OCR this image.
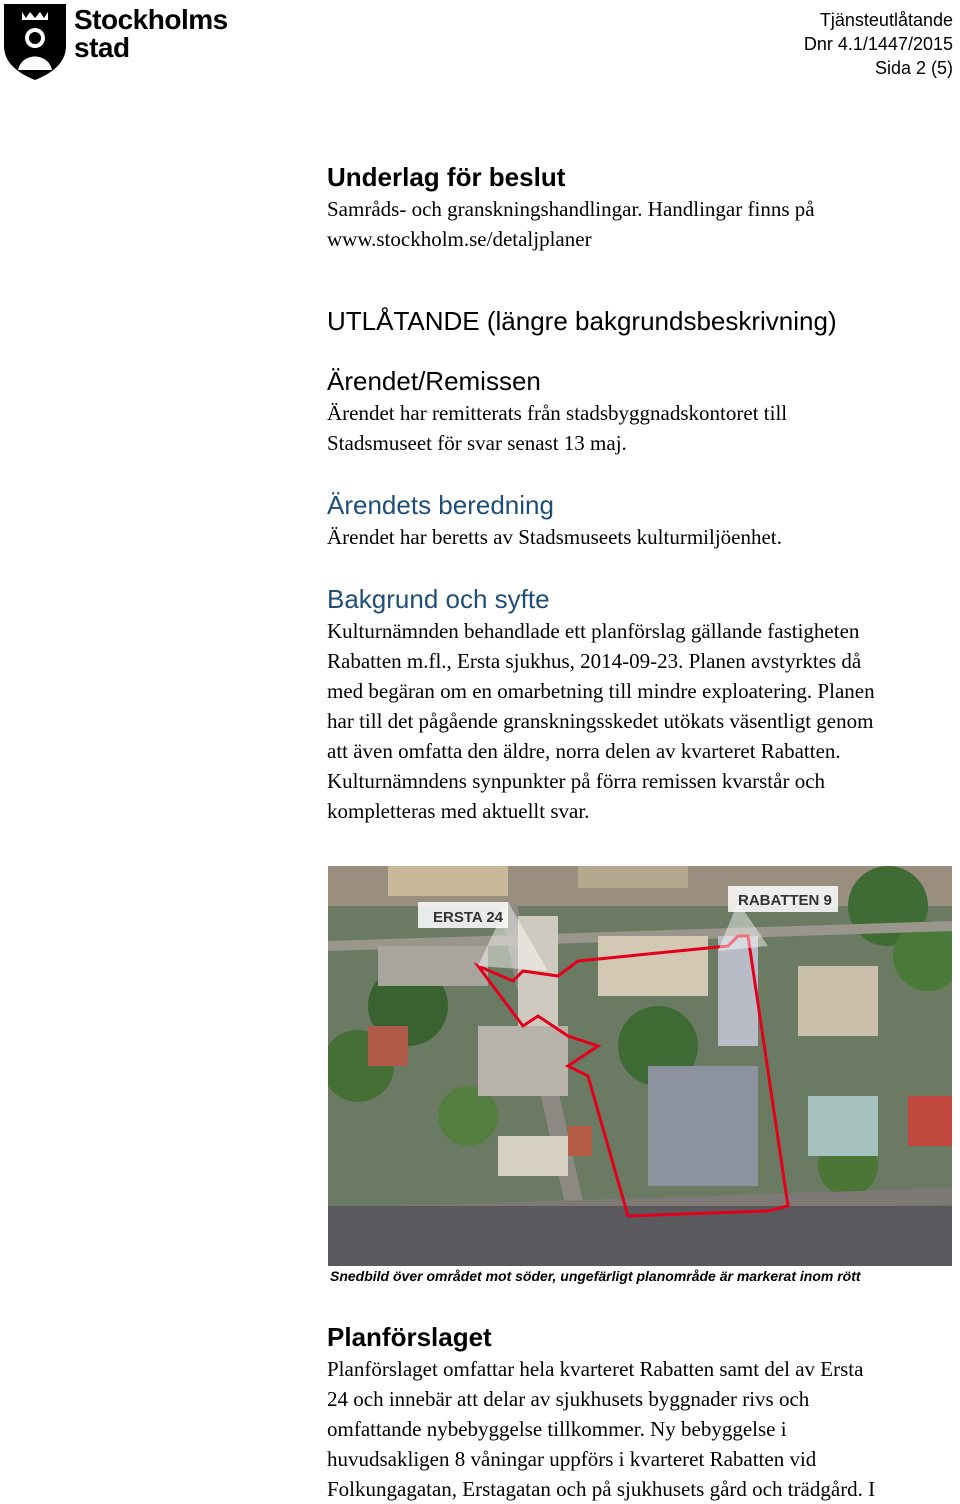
Stockholms
stad
Tjänsteutlåtande
Dnr 4.1/1447/2015
Sida 2 (5)
Underlag för beslut

Samråds- och granskningshandlingar. Handlingar finns på

www.stockholm.se/detaljplaner

UTLÅTANDE (längre bakgrundsbeskrivning)
Ärendet/Remissen

Ärendet har remitterats från stadsbyggnadskontoret till

Stadsmuseet för svar senast 13 maj.

Ärendets beredning

Ärendet har beretts av Stadsmuseets kulturmiljöenhet.

Bakgrund och syfte

Kulturnämnden behandlade ett planförslag gällande fastigheten

Rabatten m.fl., Ersta sjukhus, 2014-09-23. Planen avstyrktes då

med begäran om en omarbetning till mindre exploatering. Planen

har till det pågående granskningsskedet utökats väsentligt genom

att även omfatta den äldre, norra delen av kvarteret Rabatten.

Kulturnämndens synpunkter på förra remissen kvarstår och

kompletteras med aktuellt svar.

ERSTA 24
RABATTEN 9
Snedbild över området mot söder, ungefärligt planområde är markerat inom rött
Planförslaget

Planförslaget omfattar hela kvarteret Rabatten samt del av Ersta

24 och innebär att delar av sjukhusets byggnader rivs och

omfattande nybebyggelse tillkommer. Ny bebyggelse i

huvudsakligen 8 våningar uppförs i kvarteret Rabatten vid

Folkungagatan, Erstagatan och på sjukhusets gård och trädgård. I
